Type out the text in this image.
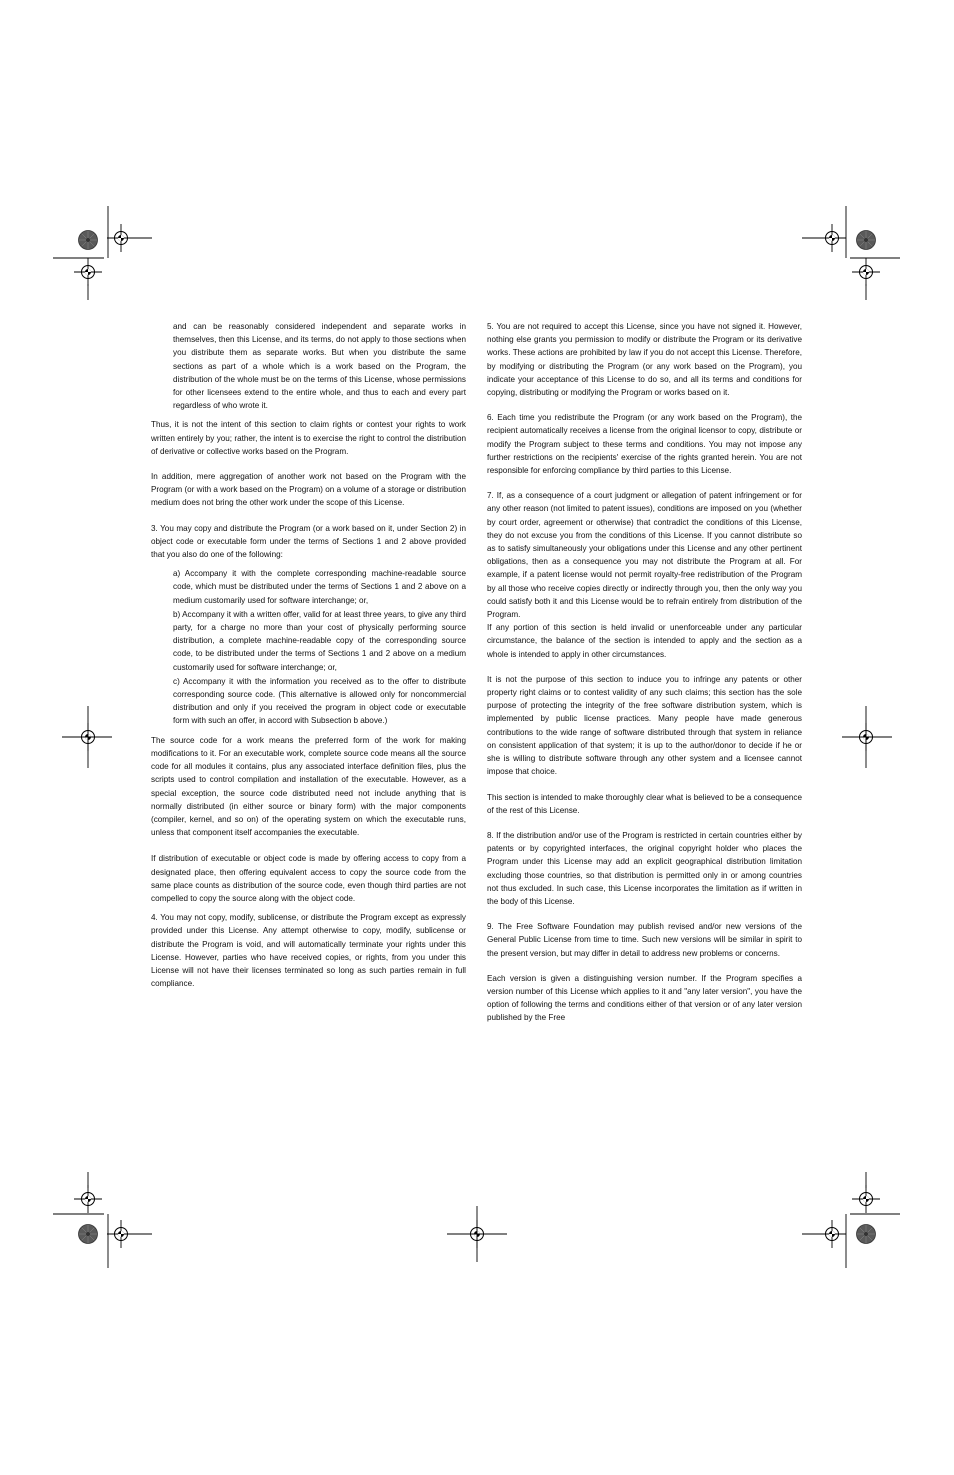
and can be reasonably considered independent and separate works in themselves, then this License, and its terms, do not apply to those sections when you distribute them as separate works. But when you distribute the same sections as part of a whole which is a work based on the Program, the distribution of the whole must be on the terms of this License, whose permissions for other licensees extend to the entire whole, and thus to each and every part regardless of who wrote it.

Thus, it is not the intent of this section to claim rights or contest your rights to work written entirely by you; rather, the intent is to exercise the right to control the distribution of derivative or collective works based on the Program.

In addition, mere aggregation of another work not based on the Program with the Program (or with a work based on the Program) on a volume of a storage or distribution medium does not bring the other work under the scope of this License.

3. You may copy and distribute the Program (or a work based on it, under Section 2) in object code or executable form under the terms of Sections 1 and 2 above provided that you also do one of the following:

a) Accompany it with the complete corresponding machine-readable source code, which must be distributed under the terms of Sections 1 and 2 above on a medium customarily used for software interchange; or,

b) Accompany it with a written offer, valid for at least three years, to give any third party, for a charge no more than your cost of physically performing source distribution, a complete machine-readable copy of the corresponding source code, to be distributed under the terms of Sections 1 and 2 above on a medium customarily used for software interchange; or,

c) Accompany it with the information you received as to the offer to distribute corresponding source code. (This alternative is allowed only for noncommercial distribution and only if you received the program in object code or executable form with such an offer, in accord with Subsection b above.)

The source code for a work means the preferred form of the work for making modifications to it. For an executable work, complete source code means all the source code for all modules it contains, plus any associated interface definition files, plus the scripts used to control compilation and installation of the executable. However, as a special exception, the source code distributed need not include anything that is normally distributed (in either source or binary form) with the major components (compiler, kernel, and so on) of the operating system on which the executable runs, unless that component itself accompanies the executable.

If distribution of executable or object code is made by offering access to copy from a designated place, then offering equivalent access to copy the source code from the same place counts as distribution of the source code, even though third parties are not compelled to copy the source along with the object code.

4. You may not copy, modify, sublicense, or distribute the Program except as expressly provided under this License. Any attempt otherwise to copy, modify, sublicense or distribute the Program is void, and will automatically terminate your rights under this License. However, parties who have received copies, or rights, from you under this License will not have their licenses terminated so long as such parties remain in full compliance.

5. You are not required to accept this License, since you have not signed it. However, nothing else grants you permission to modify or distribute the Program or its derivative works. These actions are prohibited by law if you do not accept this License. Therefore, by modifying or distributing the Program (or any work based on the Program), you indicate your acceptance of this License to do so, and all its terms and conditions for copying, distributing or modifying the Program or works based on it.

6. Each time you redistribute the Program (or any work based on the Program), the recipient automatically receives a license from the original licensor to copy, distribute or modify the Program subject to these terms and conditions. You may not impose any further restrictions on the recipients' exercise of the rights granted herein. You are not responsible for enforcing compliance by third parties to this License.

7. If, as a consequence of a court judgment or allegation of patent infringement or for any other reason (not limited to patent issues), conditions are imposed on you (whether by court order, agreement or otherwise) that contradict the conditions of this License, they do not excuse you from the conditions of this License. If you cannot distribute so as to satisfy simultaneously your obligations under this License and any other pertinent obligations, then as a consequence you may not distribute the Program at all. For example, if a patent license would not permit royalty-free redistribution of the Program by all those who receive copies directly or indirectly through you, then the only way you could satisfy both it and this License would be to refrain entirely from distribution of the Program.

If any portion of this section is held invalid or unenforceable under any particular circumstance, the balance of the section is intended to apply and the section as a whole is intended to apply in other circumstances.

It is not the purpose of this section to induce you to infringe any patents or other property right claims or to contest validity of any such claims; this section has the sole purpose of protecting the integrity of the free software distribution system, which is implemented by public license practices. Many people have made generous contributions to the wide range of software distributed through that system in reliance on consistent application of that system; it is up to the author/donor to decide if he or she is willing to distribute software through any other system and a licensee cannot impose that choice.

This section is intended to make thoroughly clear what is believed to be a consequence of the rest of this License.

8. If the distribution and/or use of the Program is restricted in certain countries either by patents or by copyrighted interfaces, the original copyright holder who places the Program under this License may add an explicit geographical distribution limitation excluding those countries, so that distribution is permitted only in or among countries not thus excluded. In such case, this License incorporates the limitation as if written in the body of this License.

9. The Free Software Foundation may publish revised and/or new versions of the General Public License from time to time. Such new versions will be similar in spirit to the present version, but may differ in detail to address new problems or concerns.

Each version is given a distinguishing version number. If the Program specifies a version number of this License which applies to it and "any later version", you have the option of following the terms and conditions either of that version or of any later version published by the Free
